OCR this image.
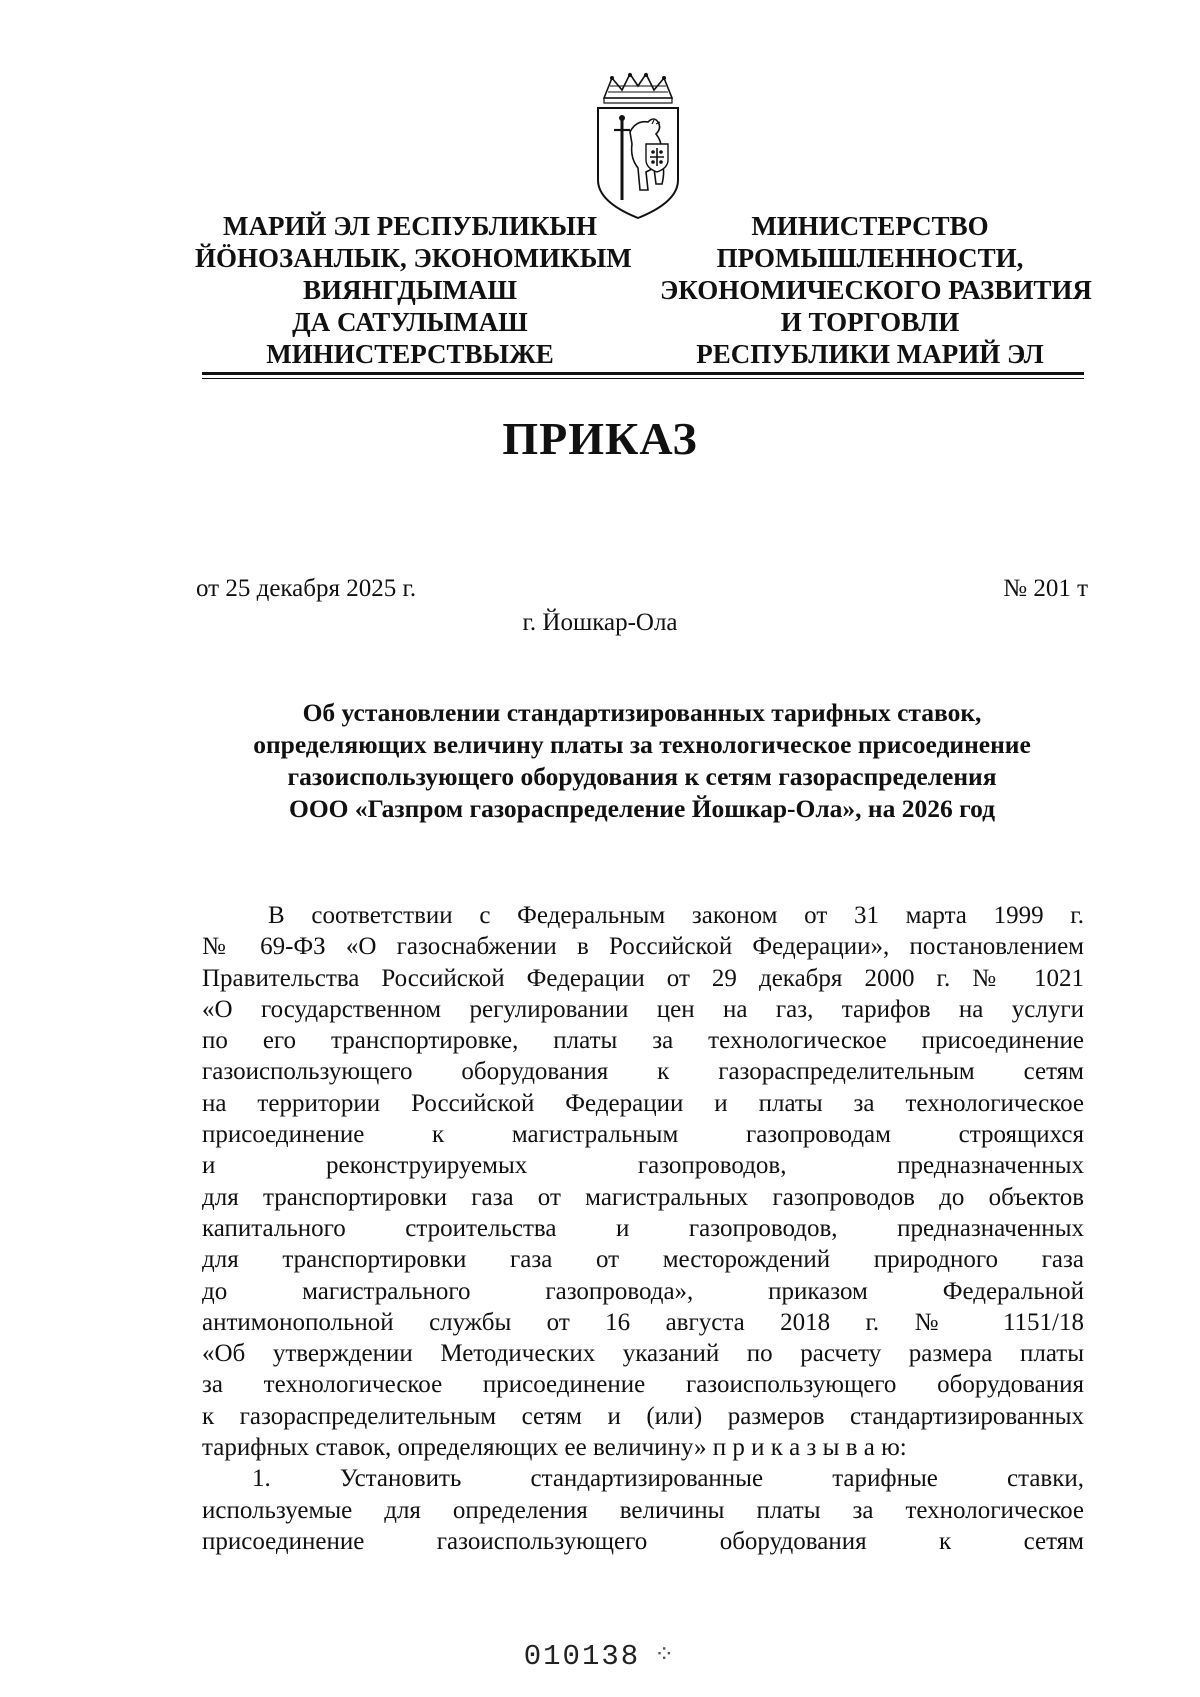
МАРИЙ ЭЛ РЕСПУБЛИКЫН
ЙӦНОЗАНЛЫК, ЭКОНОМИКЫМ
ВИЯНГДЫМАШ
ДА САТУЛЫМАШ
МИНИСТЕРСТВЫЖЕ
МИНИСТЕРСТВО
ПРОМЫШЛЕННОСТИ,
ЭКОНОМИЧЕСКОГО РАЗВИТИЯ
И ТОРГОВЛИ
РЕСПУБЛИКИ МАРИЙ ЭЛ
ПРИКАЗ
от 25 декабря 2025 г.	№ 201 т
г. Йошкар-Ола
Об установлении стандартизированных тарифных ставок,
определяющих величину платы за технологическое присоединение
газоиспользующего оборудования к сетям газораспределения
ООО «Газпром газораспределение Йошкар-Ола», на 2026 год
В соответствии с Федеральным законом от 31 марта 1999 г.
№ 69-ФЗ «О газоснабжении в Российской Федерации», постановлением
Правительства Российской Федерации от 29 декабря 2000 г. № 1021
«О государственном регулировании цен на газ, тарифов на услуги
по его транспортировке, платы за технологическое присоединение
газоиспользующего оборудования к газораспределительным сетям
на территории Российской Федерации и платы за технологическое
присоединение к магистральным газопроводам строящихся
и реконструируемых газопроводов, предназначенных
для транспортировки газа от магистральных газопроводов до объектов
капитального строительства и газопроводов, предназначенных
для транспортировки газа от месторождений природного газа
до магистрального газопровода», приказом Федеральной
антимонопольной службы от 16 августа 2018 г. № 1151/18
«Об утверждении Методических указаний по расчету размера платы
за технологическое присоединение газоиспользующего оборудования
к газораспределительным сетям и (или) размеров стандартизированных
тарифных ставок, определяющих ее величину» п р и к а з ы в а ю:
1. Установить стандартизированные тарифные ставки,
используемые для определения величины платы за технологическое
присоединение газоиспользующего оборудования к сетям
010138 ⁘
